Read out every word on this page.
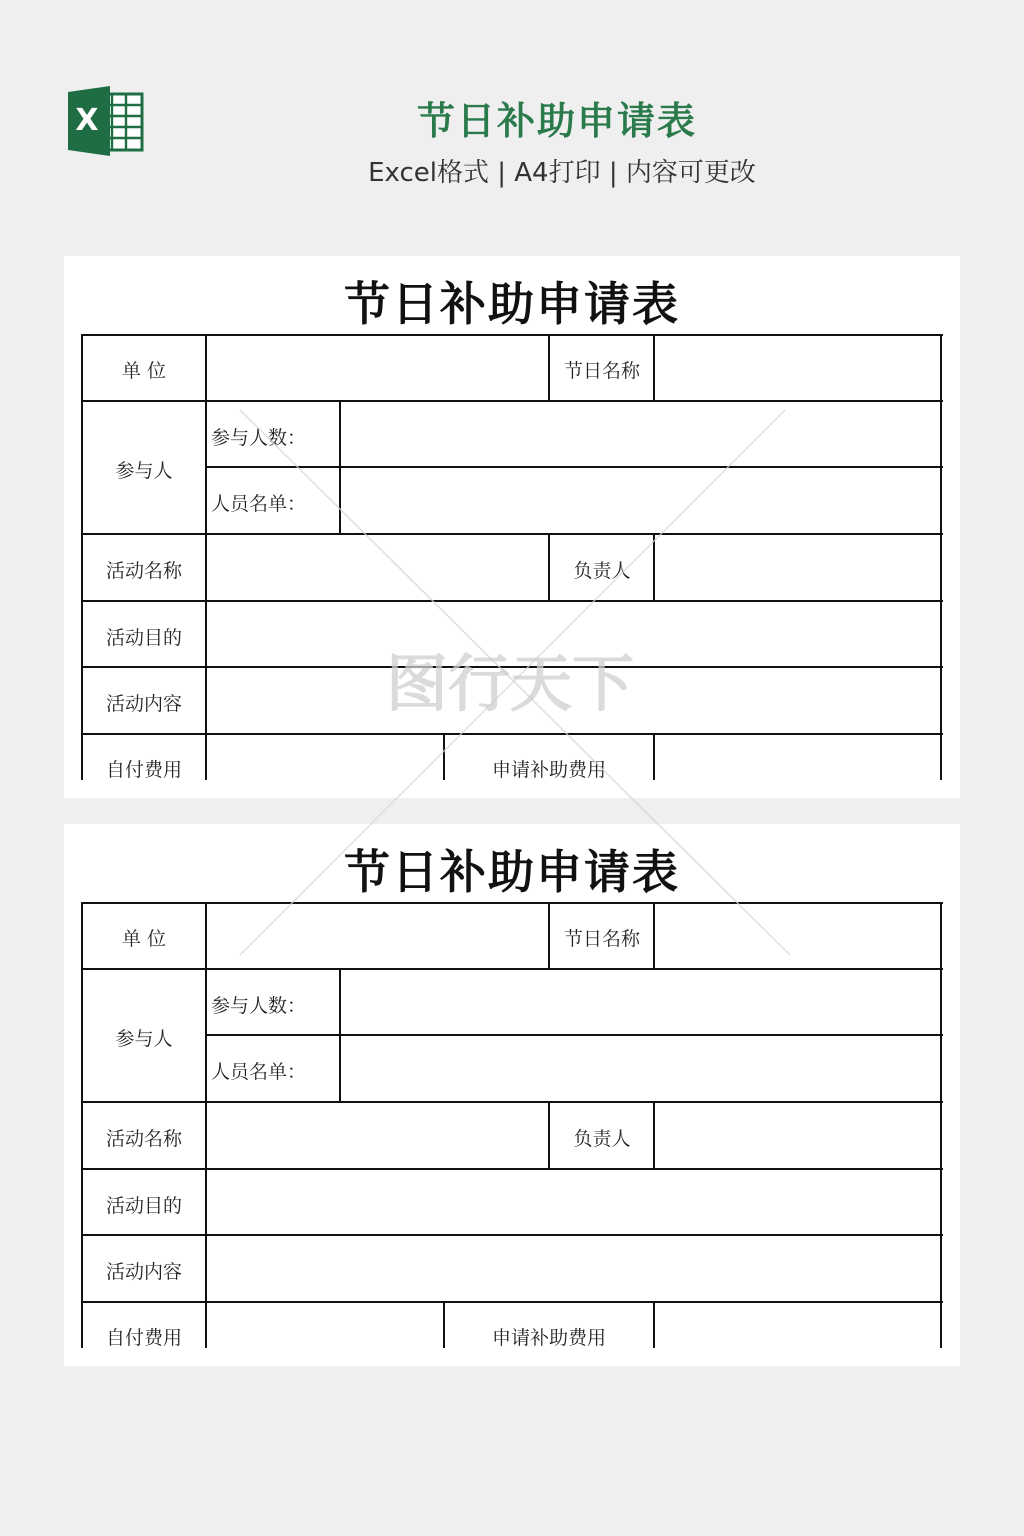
X	节日补助申请表
Excel格式 | A4打印 | 内容可更改
节日补助申请表
单 位	节日名称
参与人
参与人数：
人员名单：
活动名称	负责人
活动目的
活动内容
自付费用	申请补助费用
节日补助申请表
单 位	节日名称
参与人
参与人数：
人员名单：
活动名称	负责人
活动目的
活动内容
自付费用	申请补助费用
图行天下
